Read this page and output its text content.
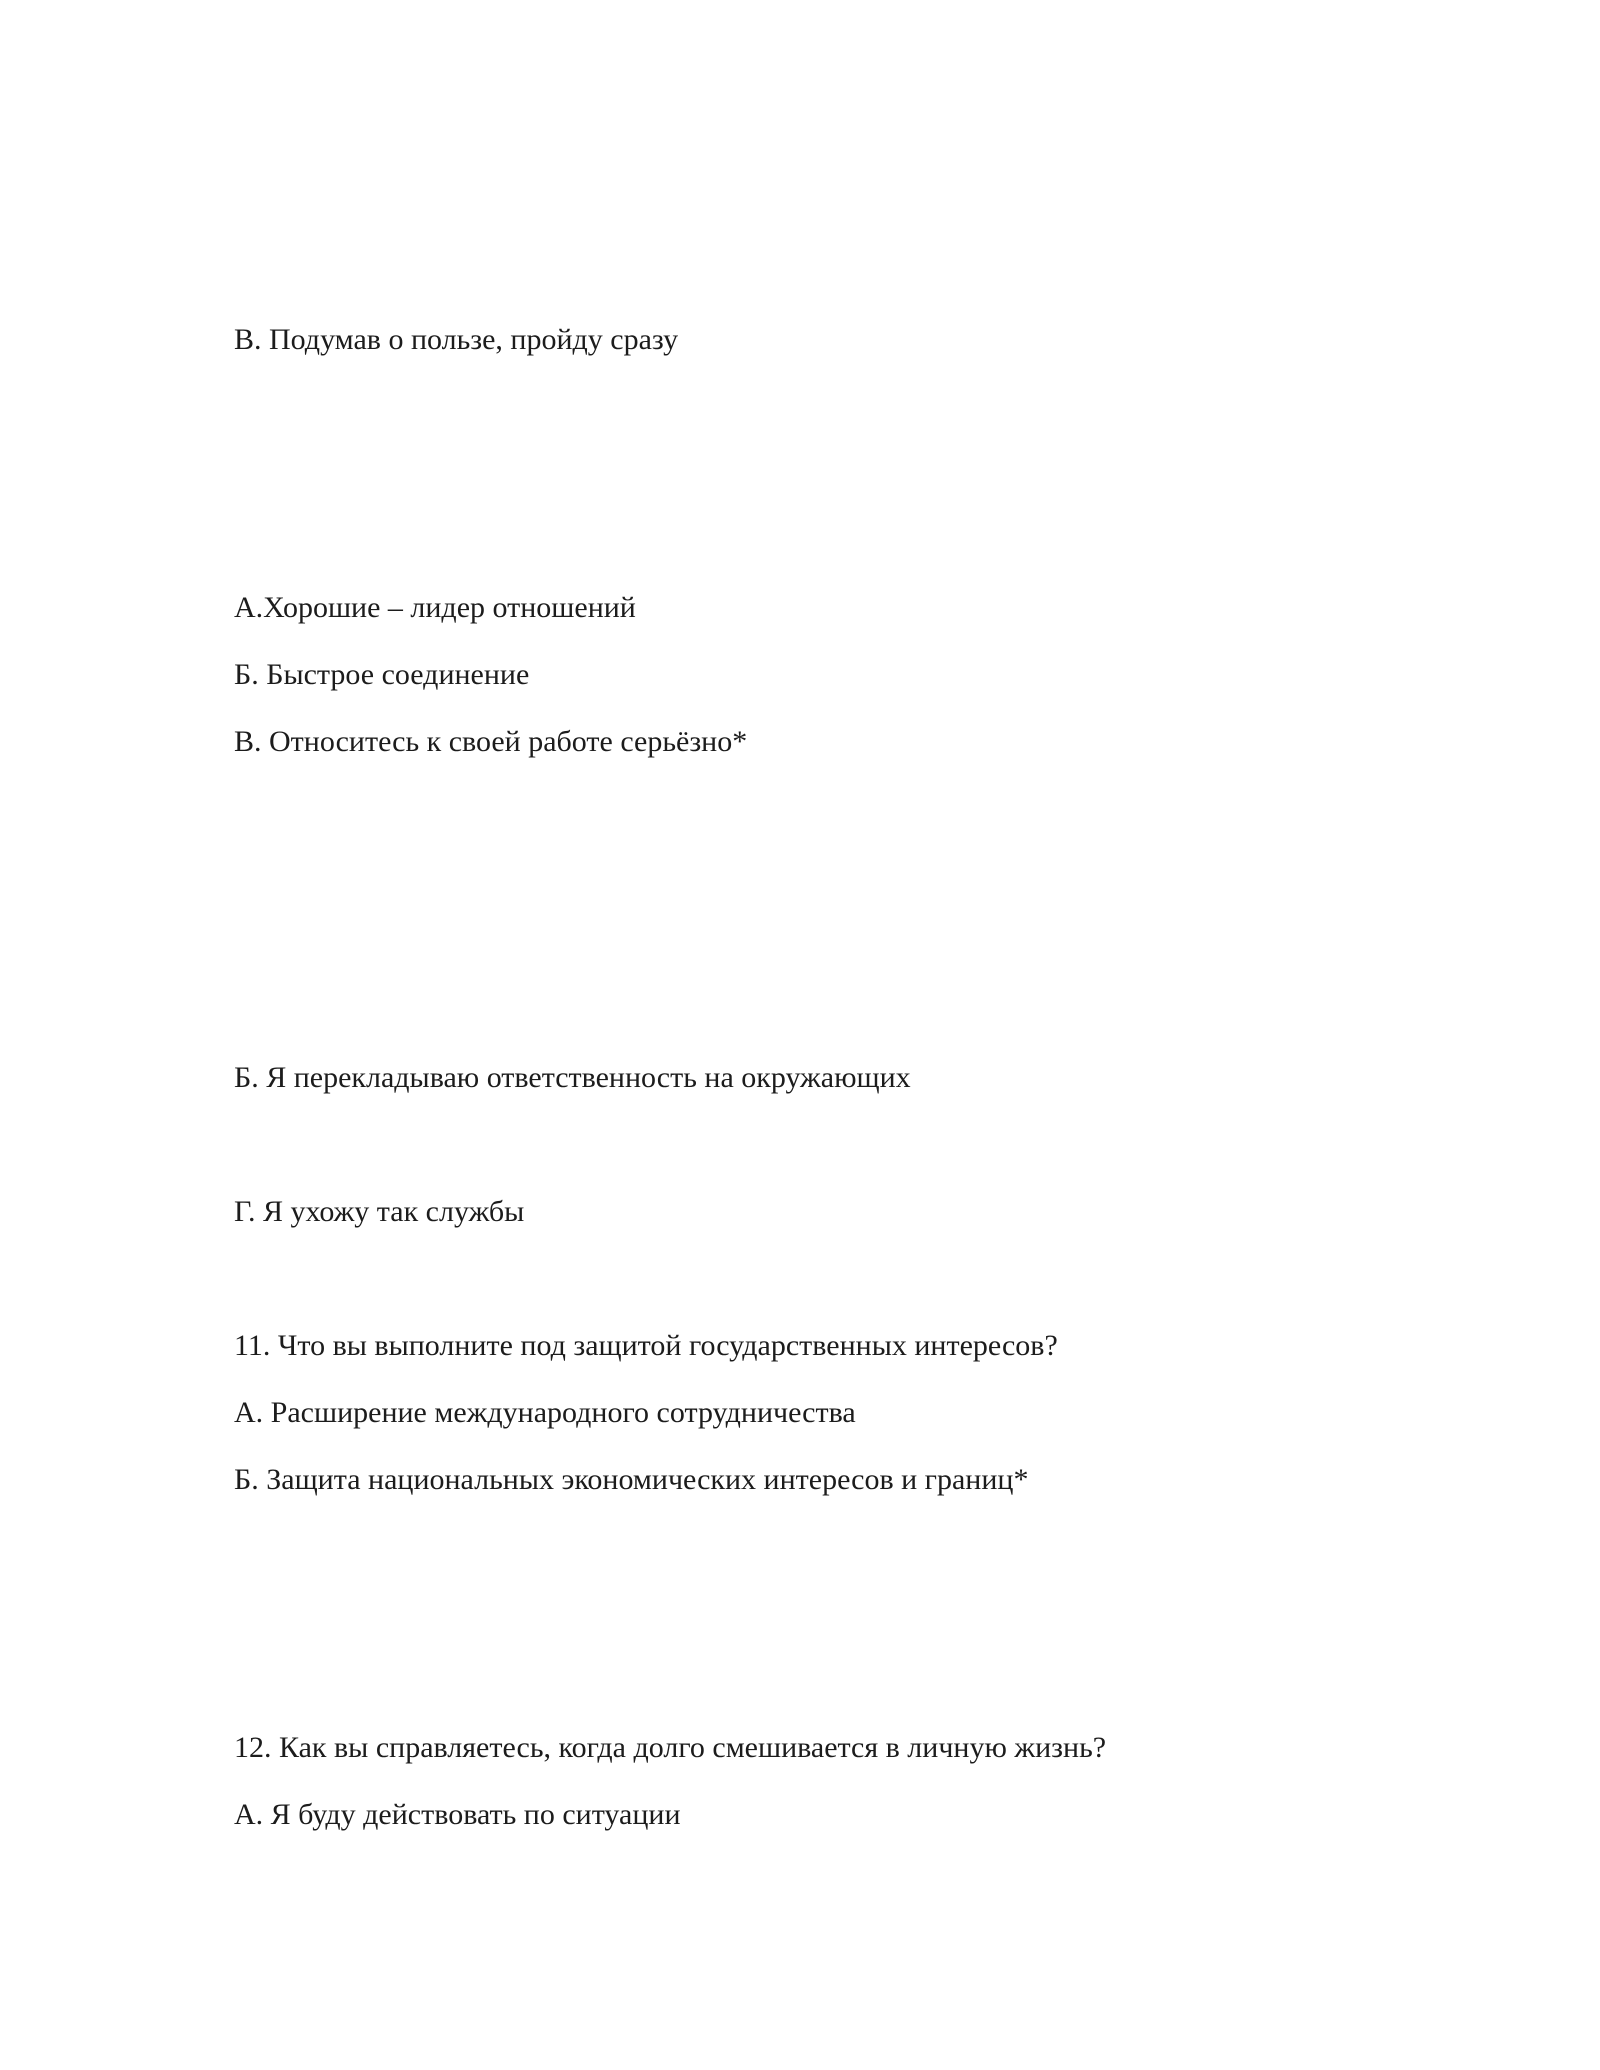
В. Подумав о пользе, пройду сразу

А.Хорошие – лидер отношений

Б. Быстрое соединение

В. Относитесь к своей работе серьёзно*

Б. Я перекладываю ответственность на окружающих

Г. Я ухожу так службы

11. Что вы выполните под защитой государственных интересов?

А. Расширение международного сотрудничества

Б. Защита национальных экономических интересов и границ*

12. Как вы справляетесь, когда долго смешивается в личную жизнь?

А. Я буду действовать по ситуации
